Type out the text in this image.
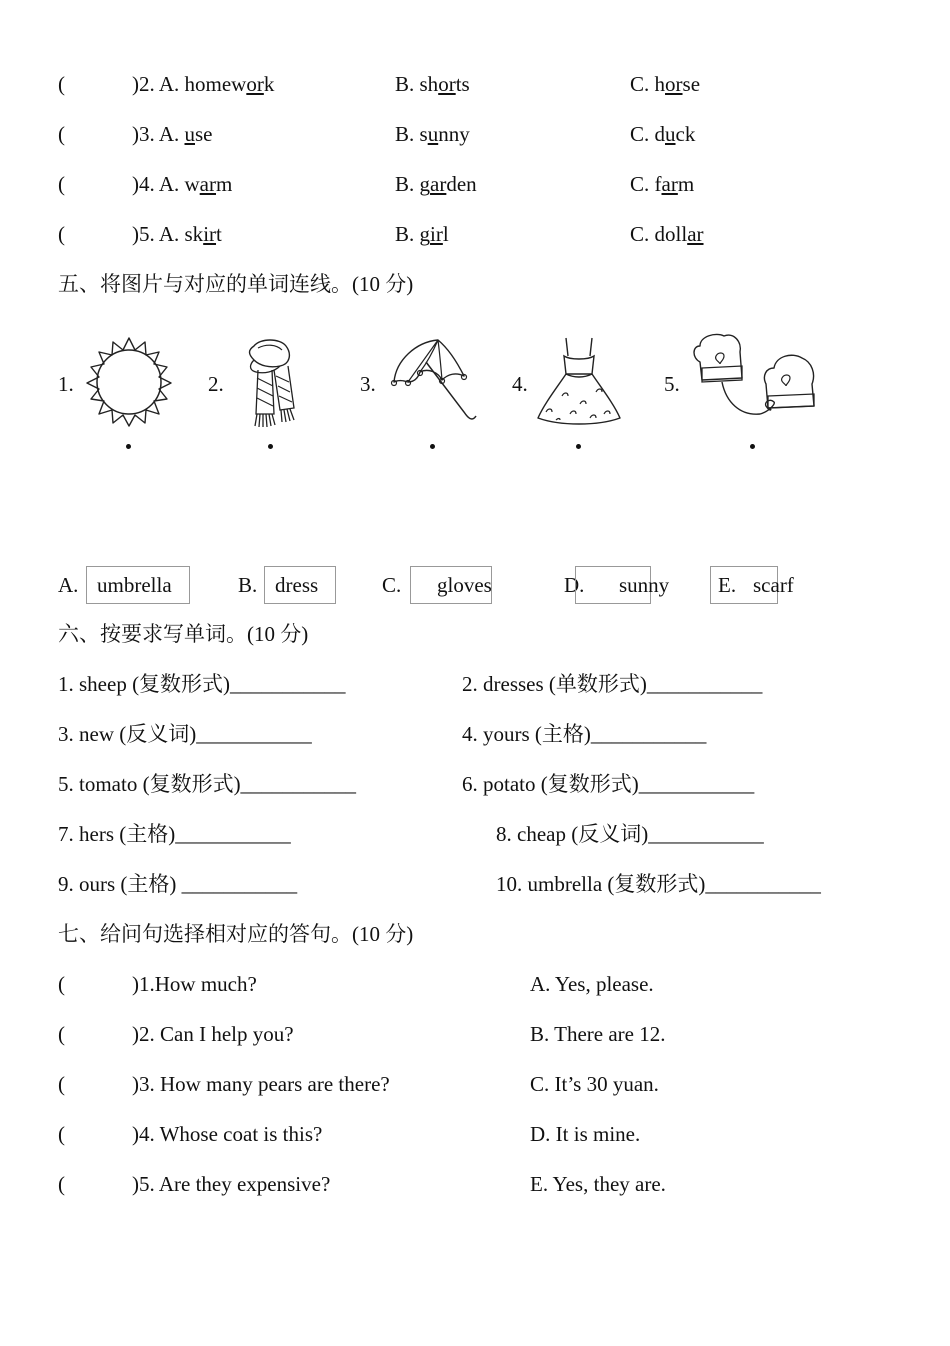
(	)2. A. homework	B. shorts	C. horse
(	)3. A. use	B. sunny	C. duck
(	)4. A. warm	B. garden	C. farm
(	)5. A. skirt	B. girl	C. dollar
五、将图片与对应的单词连线。(10 分)
1.	2.	3.	4.	5.
A. umbrella	B. dress	C. gloves	D. sunny E. scarf
六、按要求写单词。(10 分)
1. sheep (复数形式)___________	2. dresses (单数形式)___________
3. new (反义词)___________	4. yours (主格)___________
5. tomato (复数形式)___________	6. potato (复数形式)___________
7. hers (主格)___________	8. cheap (反义词)___________
9. ours (主格) ___________	10. umbrella (复数形式)___________
七、给问句选择相对应的答句。(10 分)
(	)1.How much?	A. Yes, please.
(	)2. Can I help you?	B. There are 12.
(	)3. How many pears are there?	C. It’s 30 yuan.
(	)4. Whose coat is this?	D. It is mine.
(	)5. Are they expensive?	E. Yes, they are.
